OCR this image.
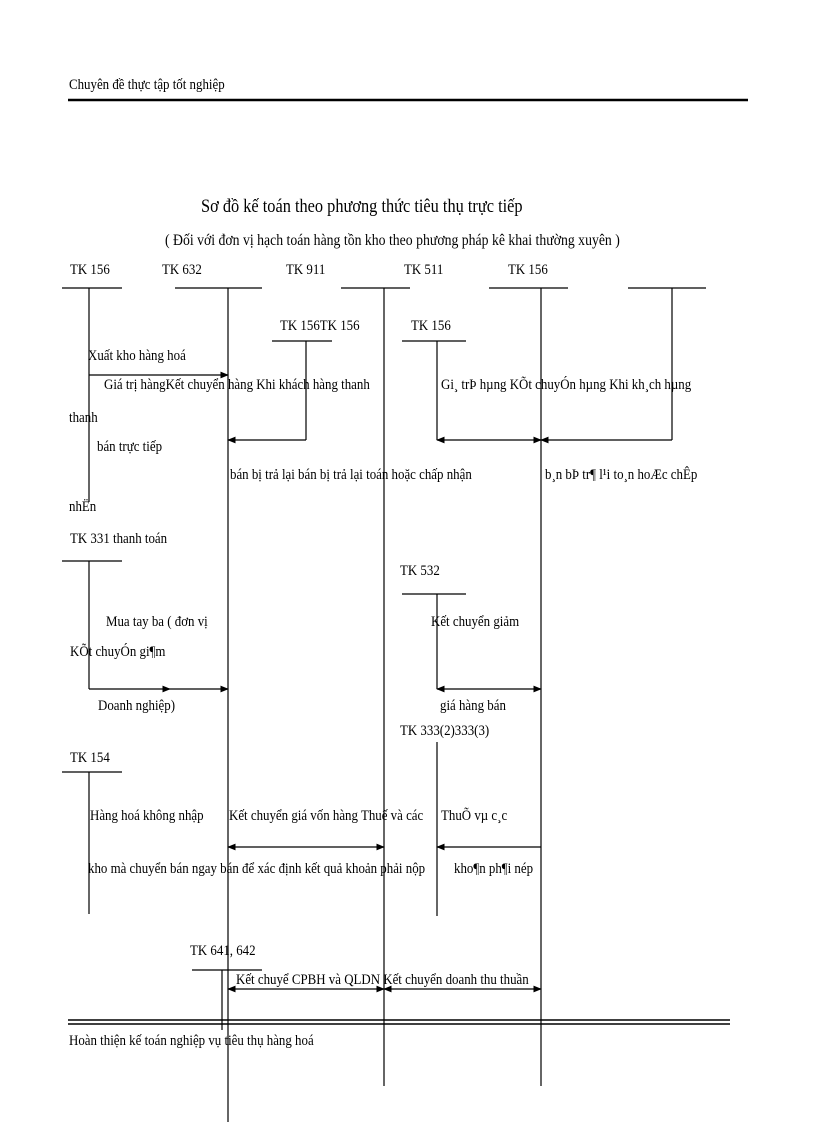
Chuyên đề thực tập tốt nghiệp
Sơ đồ kế toán theo phương thức tiêu thụ trực tiếp
( Đối với đơn vị hạch toán hàng tồn kho theo phương pháp kê khai thường xuyên )
TK 156	TK 632	TK 911	TK 511	TK 156
TK 156TK 156	TK 156
TK 331 thanh toán
TK 532
TK 333(2)333(3)
TK 154
TK 641, 642
Xuất kho hàng hoá
Giá trị hàngKết chuyển hàng Khi khách hàng thanh	Gi¸ trÞ hµng KÕt chuyÓn hµng Khi kh¸ch hµng
thanh
bán trực tiếp
bán bị trả lại bán bị trả lại toán hoặc chấp nhận	b¸n bÞ tr¶ l¹i to¸n hoÆc chÊp
nhËn
Kết chuyển giảm
Mua tay ba ( đơn vị
KÕt chuyÓn gi¶m
Doanh nghiệp)	giá hàng bán
Hàng hoá không nhập Kết chuyển giá vốn hàng Thuế và các ThuÕ vµ c¸c
kho mà chuyển bán ngay bán để xác định kết quả khoản phải nộp kho¶n ph¶i nép
Kết chuyể CPBH và QLDN Kết chuyển doanh thu thuần
Hoàn thiện kế toán nghiệp vụ tiêu thụ hàng hoá
